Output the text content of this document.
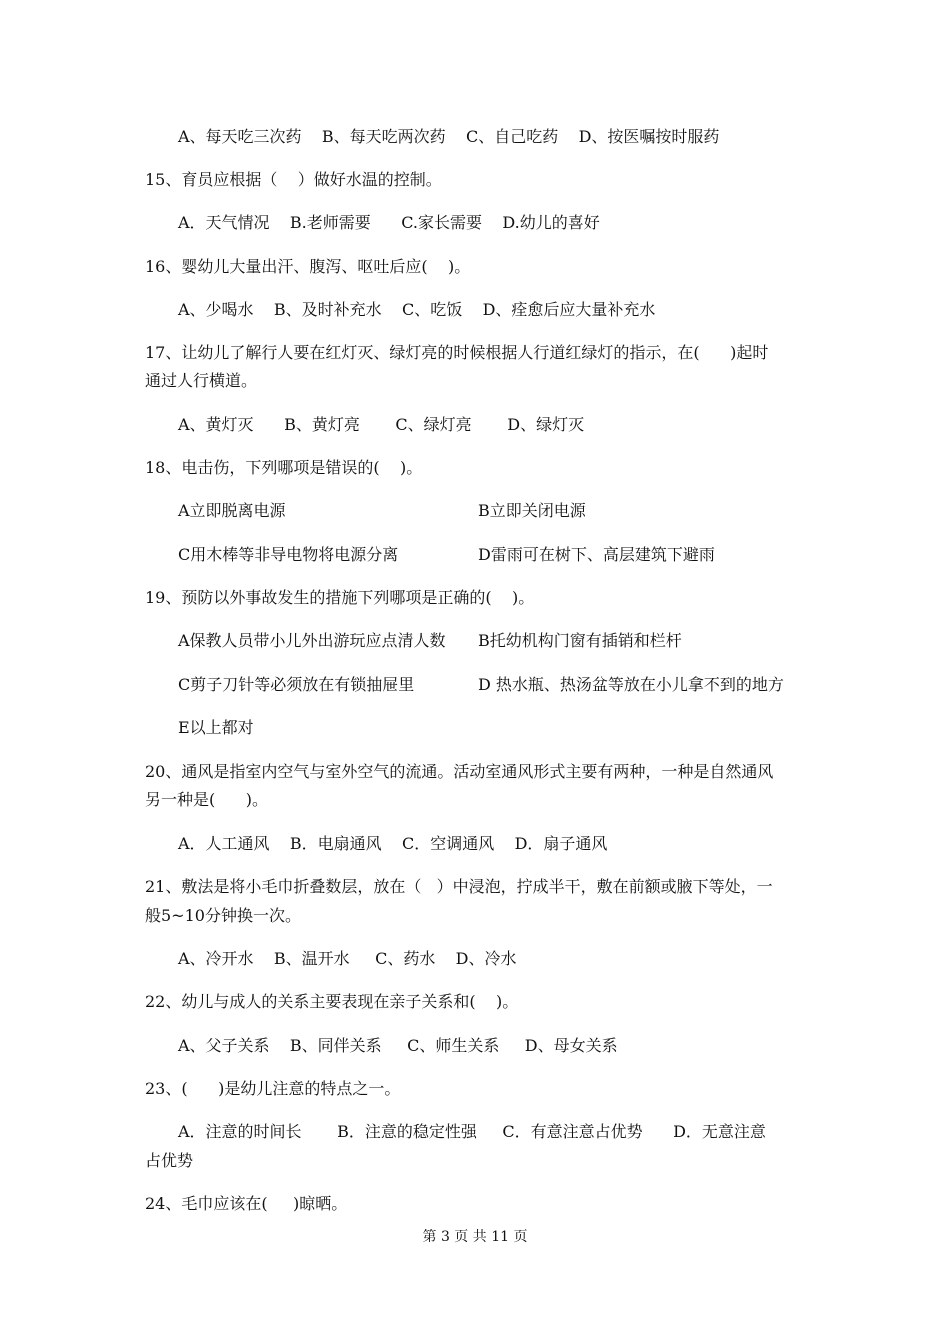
A、每天吃三次药    B、每天吃两次药    C、自己吃药    D、按医嘱按时服药
15、育员应根据（    ）做好水温的控制。
A．天气情况    B.老师需要      C.家长需要    D.幼儿的喜好
16、婴幼儿大量出汗、腹泻、呕吐后应(    )。
A、少喝水    B、及时补充水    C、吃饭    D、痊愈后应大量补充水
17、让幼儿了解行人要在红灯灭、绿灯亮的时候根据人行道红绿灯的指示，在(      )起时
通过人行横道。
A、黄灯灭      B、黄灯亮       C、绿灯亮       D、绿灯灭
18、电击伤，下列哪项是错误的(    )。
A立即脱离电源	B立即关闭电源
C用木棒等非导电物将电源分离	D雷雨可在树下、高层建筑下避雨
19、预防以外事故发生的措施下列哪项是正确的(    )。
A保教人员带小儿外出游玩应点清人数 B托幼机构门窗有插销和栏杆
C剪子刀针等必须放在有锁抽屉里	D 热水瓶、热汤盆等放在小儿拿不到的地方
E以上都对
20、通风是指室内空气与室外空气的流通。活动室通风形式主要有两种，一种是自然通风
另一种是(      )。
A．人工通风    B．电扇通风    C．空调通风    D．扇子通风
21、敷法是将小毛巾折叠数层，放在（   ）中浸泡，拧成半干，敷在前额或腋下等处，一
般5~10分钟换一次。
A、冷开水    B、温开水     C、药水    D、冷水
22、幼儿与成人的关系主要表现在亲子关系和(    )。
A、父子关系    B、同伴关系     C、师生关系     D、母女关系
23、(      )是幼儿注意的特点之一。
A．注意的时间长       B．注意的稳定性强     C．有意注意占优势      D．无意注意
占优势
24、毛巾应该在(     )晾晒。
第 3 页 共 11 页
